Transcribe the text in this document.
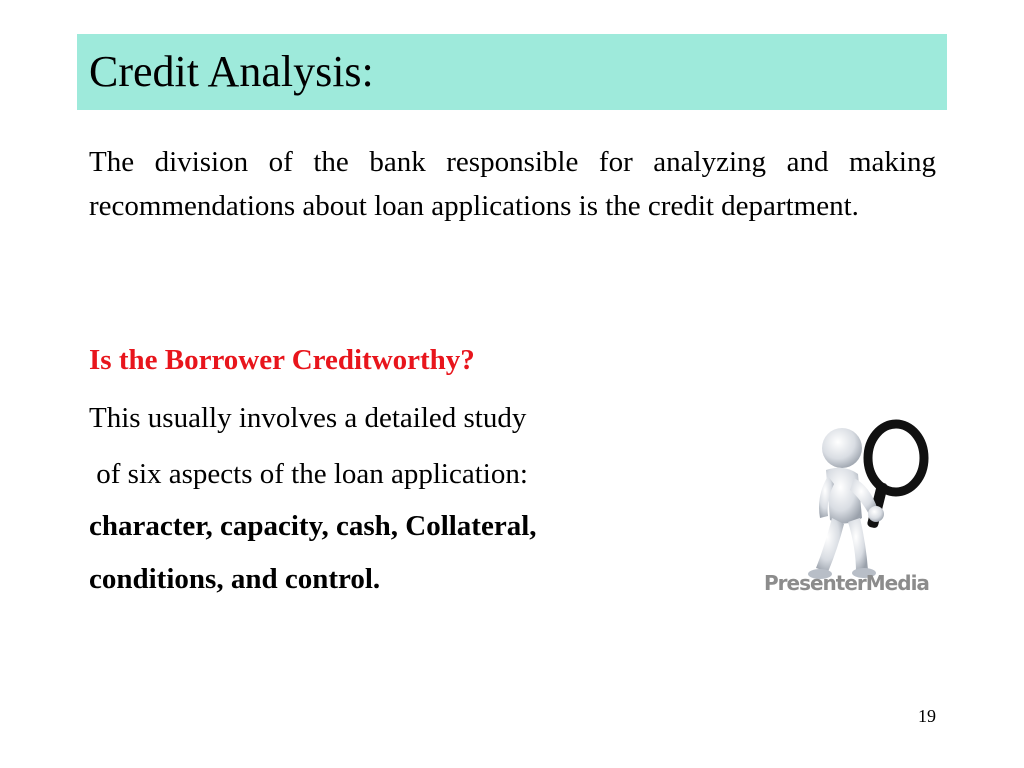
Credit Analysis:

The division of the bank responsible for analyzing and making recommendations about loan applications is the credit department.

Is the Borrower Creditworthy?

This usually involves a detailed study

of six aspects of the loan application:

character, capacity, cash, Collateral,

conditions, and control.	PresenterMedia
19
